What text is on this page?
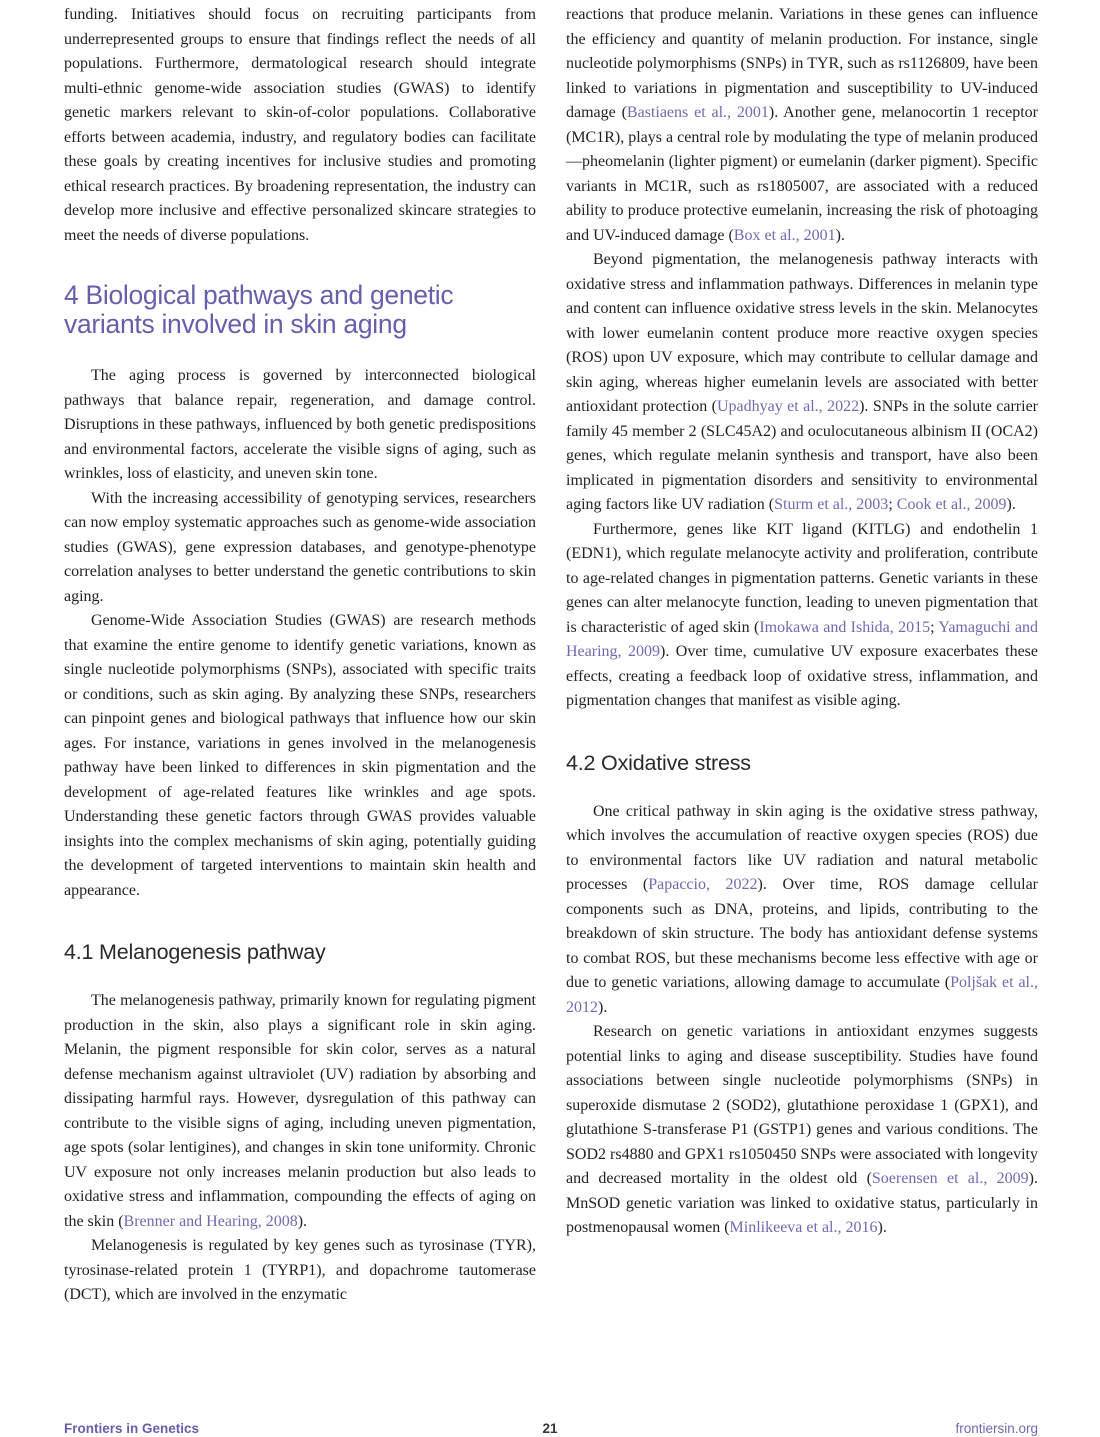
funding. Initiatives should focus on recruiting participants from underrepresented groups to ensure that findings reflect the needs of all populations. Furthermore, dermatological research should integrate multi-ethnic genome-wide association studies (GWAS) to identify genetic markers relevant to skin-of-color populations. Collaborative efforts between academia, industry, and regulatory bodies can facilitate these goals by creating incentives for inclusive studies and promoting ethical research practices. By broadening representation, the industry can develop more inclusive and effective personalized skincare strategies to meet the needs of diverse populations.

4 Biological pathways and genetic variants involved in skin aging

The aging process is governed by interconnected biological pathways that balance repair, regeneration, and damage control. Disruptions in these pathways, influenced by both genetic predispositions and environmental factors, accelerate the visible signs of aging, such as wrinkles, loss of elasticity, and uneven skin tone.

With the increasing accessibility of genotyping services, researchers can now employ systematic approaches such as genome-wide association studies (GWAS), gene expression databases, and genotype-phenotype correlation analyses to better understand the genetic contributions to skin aging.

Genome-Wide Association Studies (GWAS) are research methods that examine the entire genome to identify genetic variations, known as single nucleotide polymorphisms (SNPs), associated with specific traits or conditions, such as skin aging. By analyzing these SNPs, researchers can pinpoint genes and biological pathways that influence how our skin ages. For instance, variations in genes involved in the melanogenesis pathway have been linked to differences in skin pigmentation and the development of age-related features like wrinkles and age spots. Understanding these genetic factors through GWAS provides valuable insights into the complex mechanisms of skin aging, potentially guiding the development of targeted interventions to maintain skin health and appearance.

4.1 Melanogenesis pathway

The melanogenesis pathway, primarily known for regulating pigment production in the skin, also plays a significant role in skin aging. Melanin, the pigment responsible for skin color, serves as a natural defense mechanism against ultraviolet (UV) radiation by absorbing and dissipating harmful rays. However, dysregulation of this pathway can contribute to the visible signs of aging, including uneven pigmentation, age spots (solar lentigines), and changes in skin tone uniformity. Chronic UV exposure not only increases melanin production but also leads to oxidative stress and inflammation, compounding the effects of aging on the skin (Brenner and Hearing, 2008).

Melanogenesis is regulated by key genes such as tyrosinase (TYR), tyrosinase-related protein 1 (TYRP1), and dopachrome tautomerase (DCT), which are involved in the enzymatic

reactions that produce melanin. Variations in these genes can influence the efficiency and quantity of melanin production. For instance, single nucleotide polymorphisms (SNPs) in TYR, such as rs1126809, have been linked to variations in pigmentation and susceptibility to UV-induced damage (Bastiaens et al., 2001). Another gene, melanocortin 1 receptor (MC1R), plays a central role by modulating the type of melanin produced—pheomelanin (lighter pigment) or eumelanin (darker pigment). Specific variants in MC1R, such as rs1805007, are associated with a reduced ability to produce protective eumelanin, increasing the risk of photoaging and UV-induced damage (Box et al., 2001).

Beyond pigmentation, the melanogenesis pathway interacts with oxidative stress and inflammation pathways. Differences in melanin type and content can influence oxidative stress levels in the skin. Melanocytes with lower eumelanin content produce more reactive oxygen species (ROS) upon UV exposure, which may contribute to cellular damage and skin aging, whereas higher eumelanin levels are associated with better antioxidant protection (Upadhyay et al., 2022). SNPs in the solute carrier family 45 member 2 (SLC45A2) and oculocutaneous albinism II (OCA2) genes, which regulate melanin synthesis and transport, have also been implicated in pigmentation disorders and sensitivity to environmental aging factors like UV radiation (Sturm et al., 2003; Cook et al., 2009).

Furthermore, genes like KIT ligand (KITLG) and endothelin 1 (EDN1), which regulate melanocyte activity and proliferation, contribute to age-related changes in pigmentation patterns. Genetic variants in these genes can alter melanocyte function, leading to uneven pigmentation that is characteristic of aged skin (Imokawa and Ishida, 2015; Yamaguchi and Hearing, 2009). Over time, cumulative UV exposure exacerbates these effects, creating a feedback loop of oxidative stress, inflammation, and pigmentation changes that manifest as visible aging.

4.2 Oxidative stress

One critical pathway in skin aging is the oxidative stress pathway, which involves the accumulation of reactive oxygen species (ROS) due to environmental factors like UV radiation and natural metabolic processes (Papaccio, 2022). Over time, ROS damage cellular components such as DNA, proteins, and lipids, contributing to the breakdown of skin structure. The body has antioxidant defense systems to combat ROS, but these mechanisms become less effective with age or due to genetic variations, allowing damage to accumulate (Poljšak et al., 2012).

Research on genetic variations in antioxidant enzymes suggests potential links to aging and disease susceptibility. Studies have found associations between single nucleotide polymorphisms (SNPs) in superoxide dismutase 2 (SOD2), glutathione peroxidase 1 (GPX1), and glutathione S-transferase P1 (GSTP1) genes and various conditions. The SOD2 rs4880 and GPX1 rs1050450 SNPs were associated with longevity and decreased mortality in the oldest old (Soerensen et al., 2009). MnSOD genetic variation was linked to oxidative status, particularly in postmenopausal women (Minlikeeva et al., 2016).

Frontiers in Genetics	21	frontiersin.org
